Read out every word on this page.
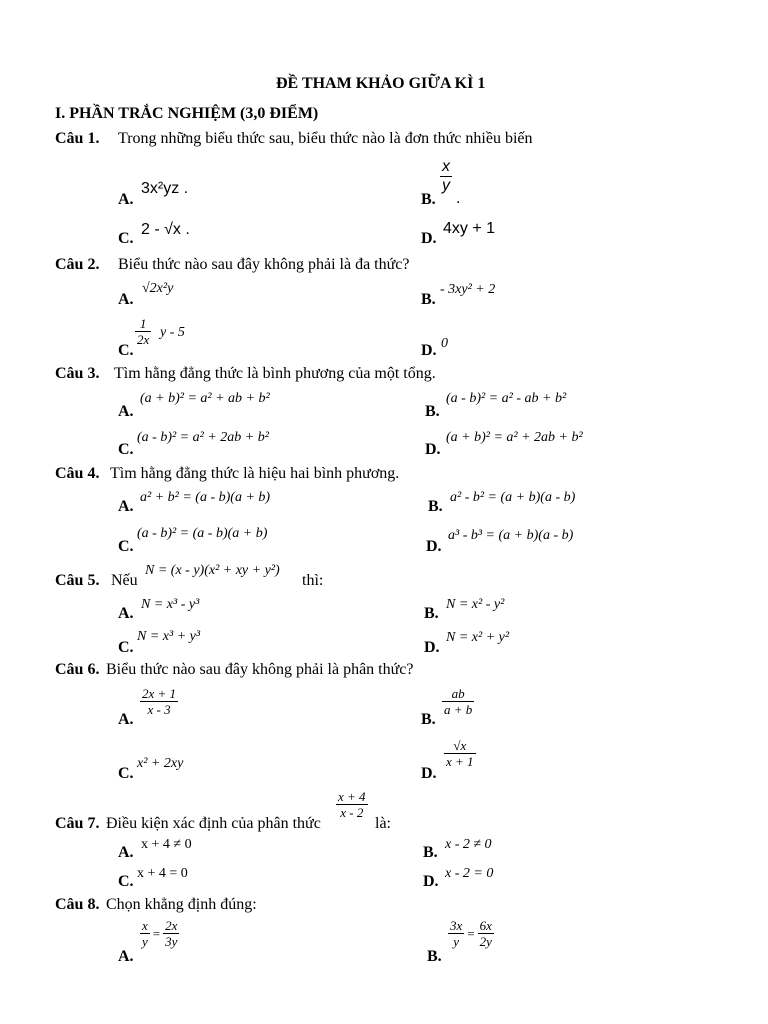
ĐỀ THAM KHẢO GIỮA KÌ 1
I. PHẦN TRẮC NGHIỆM (3,0 ĐIỂM)
Câu 1. Trong những biểu thức sau, biểu thức nào là đơn thức nhiều biến
A.
3x²yz .
B.
x
y
.
C.
2 - √x .
D.
4xy + 1
Câu 2. Biểu thức nào sau đây không phải là đa thức?
A.
√2x²y
B.
- 3xy² + 2
C.
1
2x y - 5
D. 0
Câu 3. Tìm hằng đẳng thức là bình phương của một tổng.
A.
(a + b)² = a² + ab + b²
B.
(a - b)² = a² - ab + b²
C.
(a - b)² = a² + 2ab + b²
D.
(a + b)² = a² + 2ab + b²
Câu 4. Tìm hằng đẳng thức là hiệu hai bình phương.
A.
a² + b² = (a - b)(a + b)
B.
a² - b² = (a + b)(a - b)
C.
(a - b)² = (a - b)(a + b)
D.
a³ - b³ = (a + b)(a - b)
Câu 5. Nếu
N = (x - y)(x² + xy + y²)
thì:
A.
N = x³ - y³
B.
N = x² - y²
C.
N = x³ + y³
D.
N = x² + y²
Câu 6. Biểu thức nào sau đây không phải là phân thức?
A.
2x + 1
x - 3
B.
ab
a + b
C.
x² + 2xy
D.
√x
x + 1
Câu 7. Điều kiện xác định của phân thức
x + 4
x - 2
là:
A. x + 4 ≠ 0	B. x - 2 ≠ 0
C. x + 4 = 0	D. x - 2 = 0
Câu 8. Chọn khẳng định đúng:
A.
$\frac{x}{y} = \frac{2x}{3y}$
B.
$\frac{3x}{y} = \frac{6x}{2y}$
